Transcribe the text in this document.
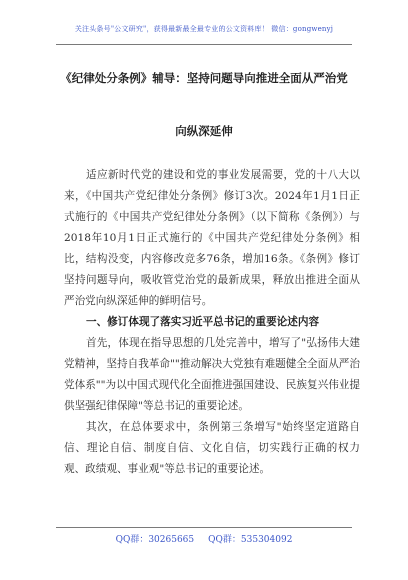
关注头条号"公文研究"，获得最新最全最专业的公文资料库！ 微信：gongwenyj
《纪律处分条例》辅导：坚持问题导向推进全面从严治党
向纵深延伸

适应新时代党的建设和党的事业发展需要，党的十八大以来，《中国共产党纪律处分条例》修订3次。2024年1月1日正式施行的《中国共产党纪律处分条例》（以下简称《条例》）与2018年10月1日正式施行的《中国共产党纪律处分条例》相比，结构没变，内容修改竞多76条，增加16条。《条例》修订坚持问题导向，吸收管党治党的最新成果，释放出推进全面从严治党向纵深延伸的鲜明信号。

一、修订体现了落实习近平总书记的重要论述内容

首先，体现在指导思想的几处完善中，增写了"弘扬伟大建党精神，坚持自我革命""推动解决大党独有难题健全全面从严治党体系""为以中国式现代化全面推进强国建设、民族复兴伟业提供坚强纪律保障"等总书记的重要论述。

其次，在总体要求中，条例第三条增写"始终坚定道路自信、理论自信、制度自信、文化自信，切实践行正确的权力观、政绩观、事业观"等总书记的重要论述。

QQ群：30265665 QQ群：535304092
